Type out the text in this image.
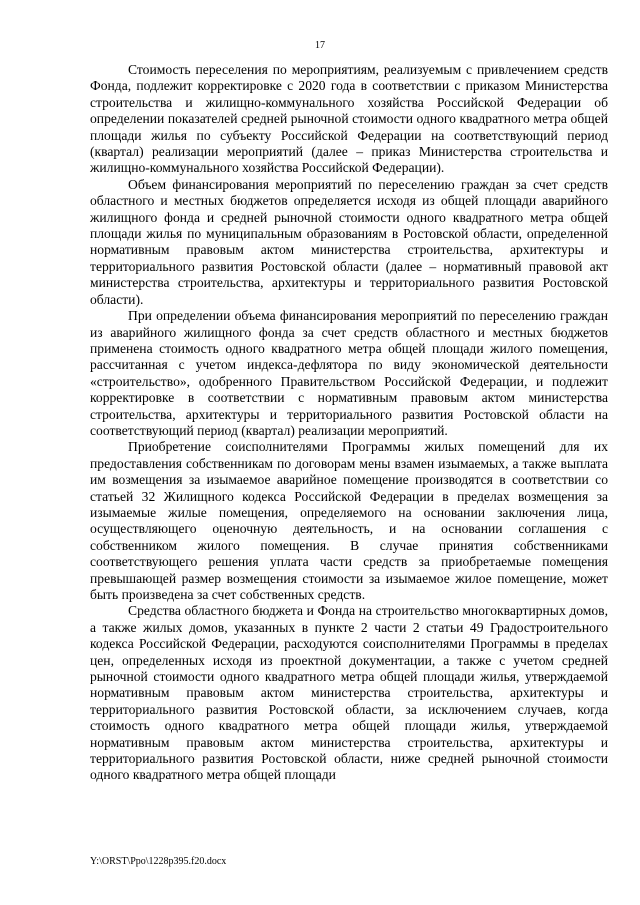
17

Стоимость переселения по мероприятиям, реализуемым с привлечением средств Фонда, подлежит корректировке с 2020 года в соответствии с приказом Министерства строительства и жилищно-коммунального хозяйства Российской Федерации об определении показателей средней рыночной стоимости одного квадратного метра общей площади жилья по субъекту Российской Федерации на соответствующий период (квартал) реализации мероприятий (далее – приказ Министерства строительства и жилищно-коммунального хозяйства Российской Федерации).

Объем финансирования мероприятий по переселению граждан за счет средств областного и местных бюджетов определяется исходя из общей площади аварийного жилищного фонда и средней рыночной стоимости одного квадратного метра общей площади жилья по муниципальным образованиям в Ростовской области, определенной нормативным правовым актом министерства строительства, архитектуры и территориального развития Ростовской области (далее – нормативный правовой акт министерства строительства, архитектуры и территориального развития Ростовской области).

При определении объема финансирования мероприятий по переселению граждан из аварийного жилищного фонда за счет средств областного и местных бюджетов применена стоимость одного квадратного метра общей площади жилого помещения, рассчитанная с учетом индекса-дефлятора по виду экономической деятельности «строительство», одобренного Правительством Российской Федерации, и подлежит корректировке в соответствии с нормативным правовым актом министерства строительства, архитектуры и территориального развития Ростовской области на соответствующий период (квартал) реализации мероприятий.

Приобретение соисполнителями Программы жилых помещений для их предоставления собственникам по договорам мены взамен изымаемых, а также выплата им возмещения за изымаемое аварийное помещение производятся в соответствии со статьей 32 Жилищного кодекса Российской Федерации в пределах возмещения за изымаемые жилые помещения, определяемого на основании заключения лица, осуществляющего оценочную деятельность, и на основании соглашения с собственником жилого помещения. В случае принятия собственниками соответствующего решения уплата части средств за приобретаемые помещения превышающей размер возмещения стоимости за изымаемое жилое помещение, может быть произведена за счет собственных средств.

Средства областного бюджета и Фонда на строительство многоквартирных домов, а также жилых домов, указанных в пункте 2 части 2 статьи 49 Градостроительного кодекса Российской Федерации, расходуются соисполнителями Программы в пределах цен, определенных исходя из проектной документации, а также с учетом средней рыночной стоимости одного квадратного метра общей площади жилья, утверждаемой нормативным правовым актом министерства строительства, архитектуры и территориального развития Ростовской области, за исключением случаев, когда стоимость одного квадратного метра общей площади жилья, утверждаемой нормативным правовым актом министерства строительства, архитектуры и территориального развития Ростовской области, ниже средней рыночной стоимости одного квадратного метра общей площади

Y:\ORST\Ppo\1228p395.f20.docx
